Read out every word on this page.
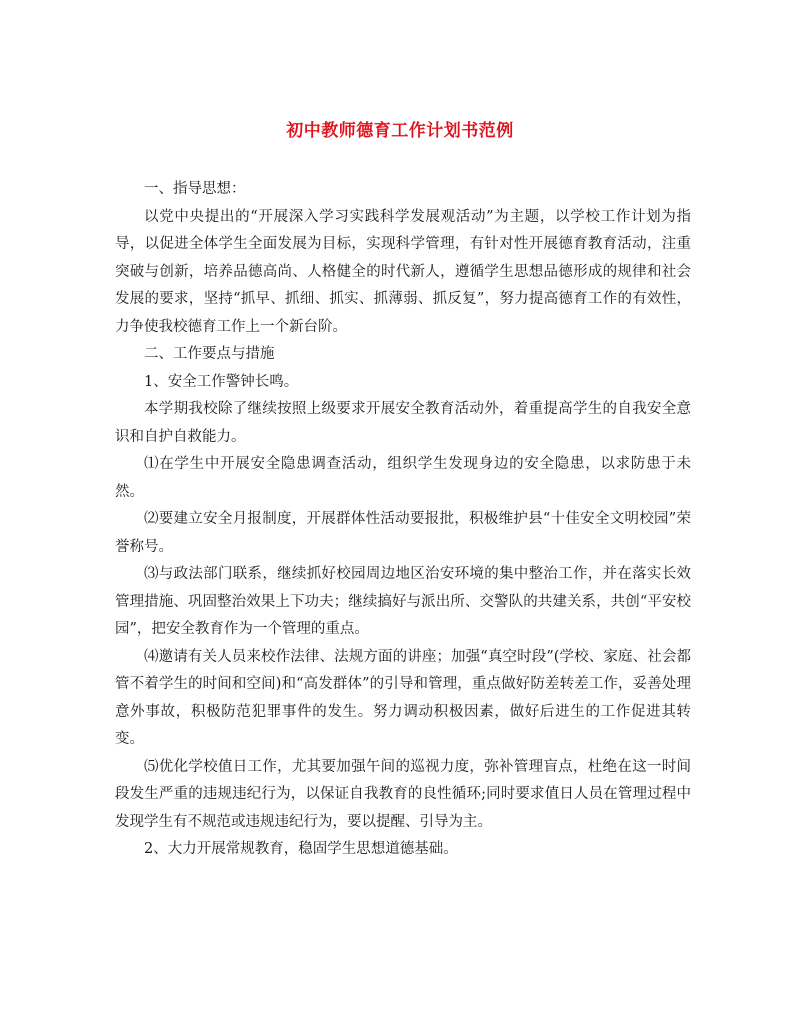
初中教师德育工作计划书范例

一、指导思想：

以党中央提出的“开展深入学习实践科学发展观活动”为主题，以学校工作计划为指导，以促进全体学生全面发展为目标，实现科学管理，有针对性开展德育教育活动，注重突破与创新，培养品德高尚、人格健全的时代新人，遵循学生思想品德形成的规律和社会发展的要求，坚持“抓早、抓细、抓实、抓薄弱、抓反复”，努力提高德育工作的有效性，力争使我校德育工作上一个新台阶。

二、工作要点与措施

1、安全工作警钟长鸣。

本学期我校除了继续按照上级要求开展安全教育活动外，着重提高学生的自我安全意识和自护自救能力。

⑴在学生中开展安全隐患调查活动，组织学生发现身边的安全隐患，以求防患于未然。

⑵要建立安全月报制度，开展群体性活动要报批，积极维护县“十佳安全文明校园”荣誉称号。

⑶与政法部门联系，继续抓好校园周边地区治安环境的集中整治工作，并在落实长效管理措施、巩固整治效果上下功夫；继续搞好与派出所、交警队的共建关系，共创“平安校园”，把安全教育作为一个管理的重点。

⑷邀请有关人员来校作法律、法规方面的讲座；加强“真空时段”(学校、家庭、社会都管不着学生的时间和空间)和“高发群体”的引导和管理，重点做好防差转差工作，妥善处理意外事故，积极防范犯罪事件的发生。努力调动积极因素，做好后进生的工作促进其转变。

⑸优化学校值日工作，尤其要加强午间的巡视力度，弥补管理盲点，杜绝在这一时间段发生严重的违规违纪行为，以保证自我教育的良性循环;同时要求值日人员在管理过程中发现学生有不规范或违规违纪行为，要以提醒、引导为主。

2、大力开展常规教育，稳固学生思想道德基础。
